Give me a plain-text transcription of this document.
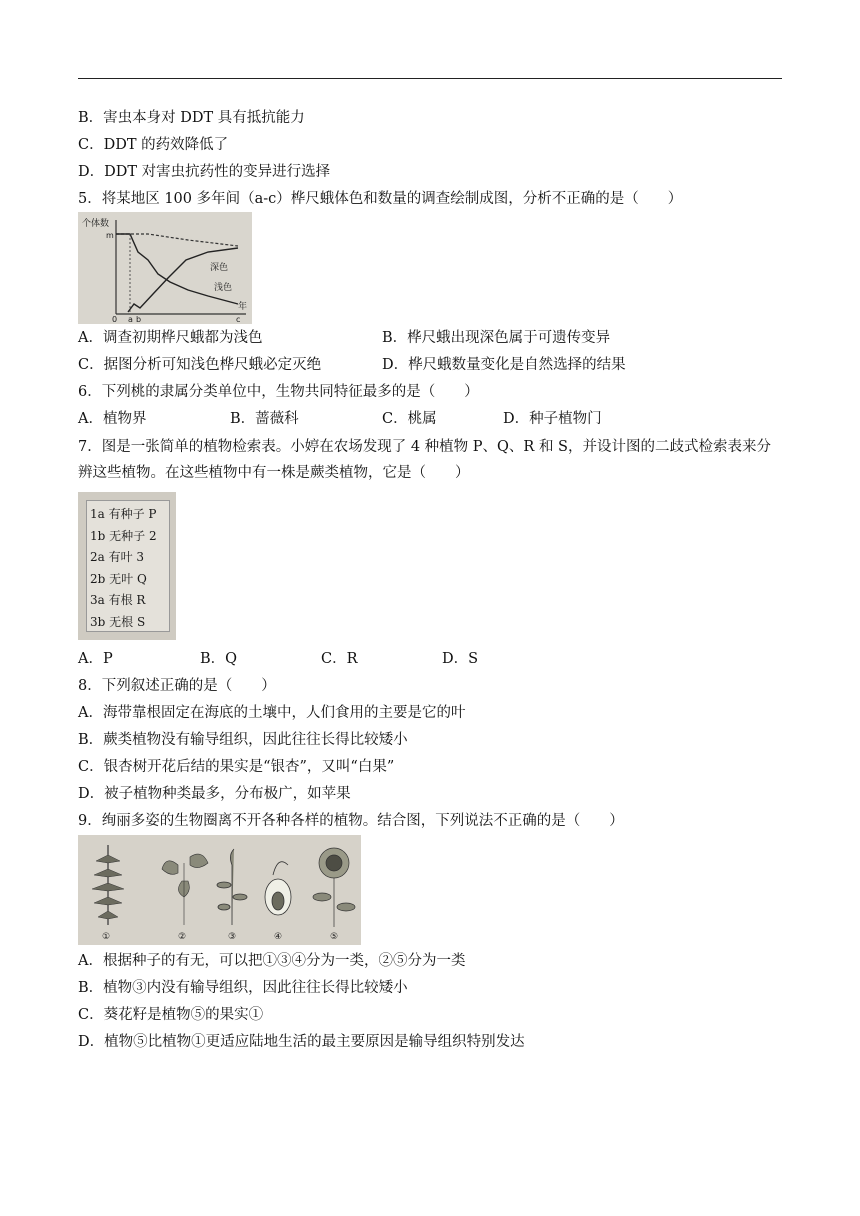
B．害虫本身对 DDT 具有抵抗能力
C．DDT 的药效降低了
D．DDT 对害虫抗药性的变异进行选择
5．将某地区 100 多年间（a-c）桦尺蛾体色和数量的调查绘制成图，分析不正确的是（　　）
个体数
年
m
0 a b	c
深色
浅色
A．调查初期桦尺蛾都为浅色	B．桦尺蛾出现深色属于可遗传变异
C．据图分析可知浅色桦尺蛾必定灭绝	D．桦尺蛾数量变化是自然选择的结果
6．下列桃的隶属分类单位中，生物共同特征最多的是（　　）
A．植物界	B．蔷薇科	C．桃属	D．种子植物门
7．图是一张简单的植物检索表。小婷在农场发现了 4 种植物 P、Q、R 和 S，并设计图的二歧式检索表来分
辨这些植物。在这些植物中有一株是蕨类植物，它是（　　）
1a 有种子 P
1b 无种子 2
2a 有叶 3
2b 无叶 Q
3a 有根 R
3b 无根 S
A．P	B．Q	C．R	D．S
8．下列叙述正确的是（　　）
A．海带靠根固定在海底的土壤中，人们食用的主要是它的叶
B．蕨类植物没有输导组织，因此往往长得比较矮小
C．银杏树开花后结的果实是“银杏”，又叫“白果”
D．被子植物种类最多，分布极广，如苹果
9．绚丽多姿的生物圈离不开各种各样的植物。结合图，下列说法不正确的是（　　）
①	②	③	④	⑤
A．根据种子的有无，可以把①③④分为一类，②⑤分为一类
B．植物③内没有输导组织，因此往往长得比较矮小
C．葵花籽是植物⑤的果实①
D．植物⑤比植物①更适应陆地生活的最主要原因是输导组织特别发达
